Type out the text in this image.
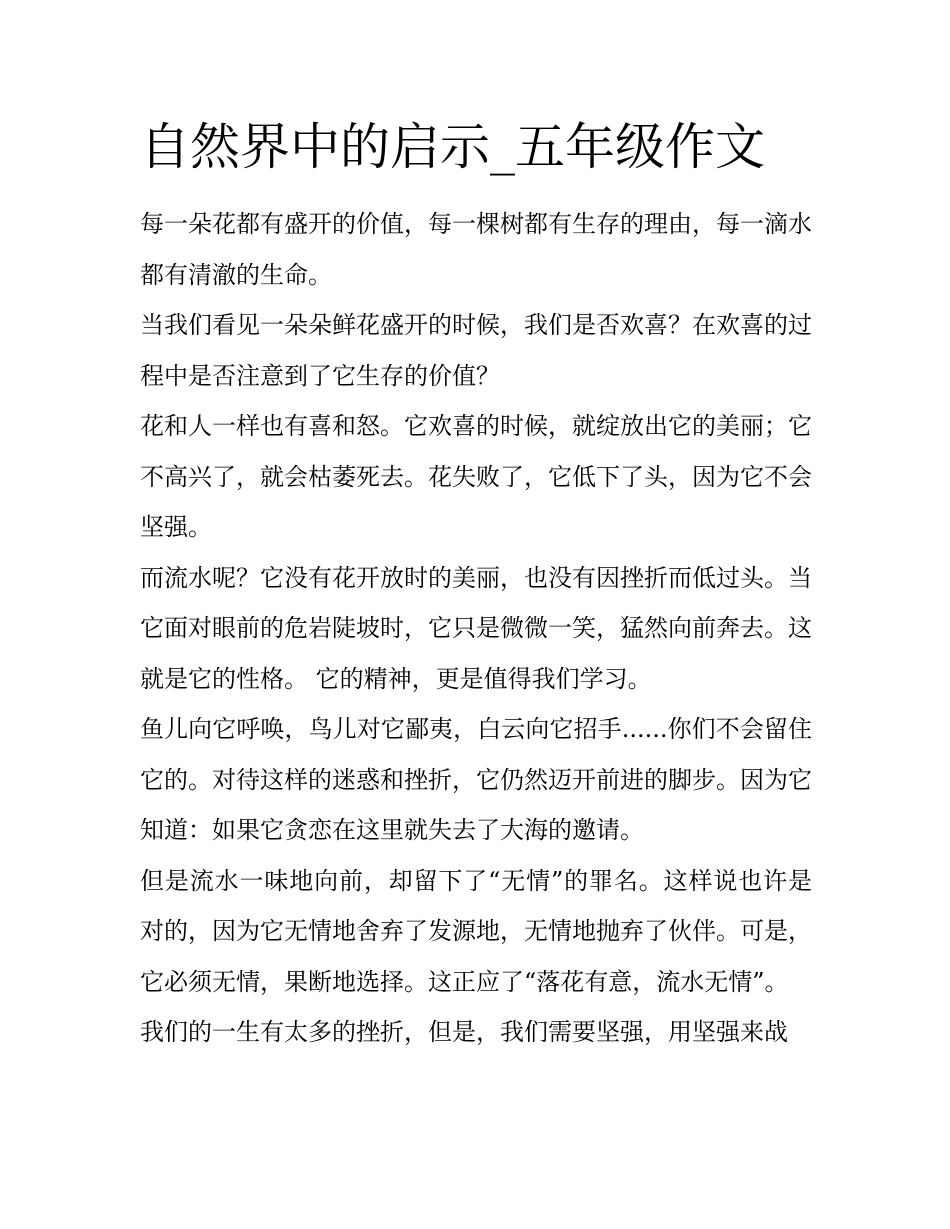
自然界中的启示_五年级作文

每一朵花都有盛开的价值，每一棵树都有生存的理由，每一滴水都有清澈的生命。

当我们看见一朵朵鲜花盛开的时候，我们是否欢喜？在欢喜的过程中是否注意到了它生存的价值？

花和人一样也有喜和怒。它欢喜的时候，就绽放出它的美丽；它不高兴了，就会枯萎死去。花失败了，它低下了头，因为它不会坚强。

而流水呢？它没有花开放时的美丽，也没有因挫折而低过头。当它面对眼前的危岩陡坡时，它只是微微一笑，猛然向前奔去。这就是它的性格。 它的精神，更是值得我们学习。

鱼儿向它呼唤，鸟儿对它鄙夷，白云向它招手......你们不会留住它的。对待这样的迷惑和挫折，它仍然迈开前进的脚步。因为它知道：如果它贪恋在这里就失去了大海的邀请。

但是流水一味地向前，却留下了“无情”的罪名。这样说也许是对的，因为它无情地舍弃了发源地，无情地抛弃了伙伴。可是，它必须无情，果断地选择。这正应了“落花有意，流水无情”。

我们的一生有太多的挫折，但是，我们需要坚强，用坚强来战
